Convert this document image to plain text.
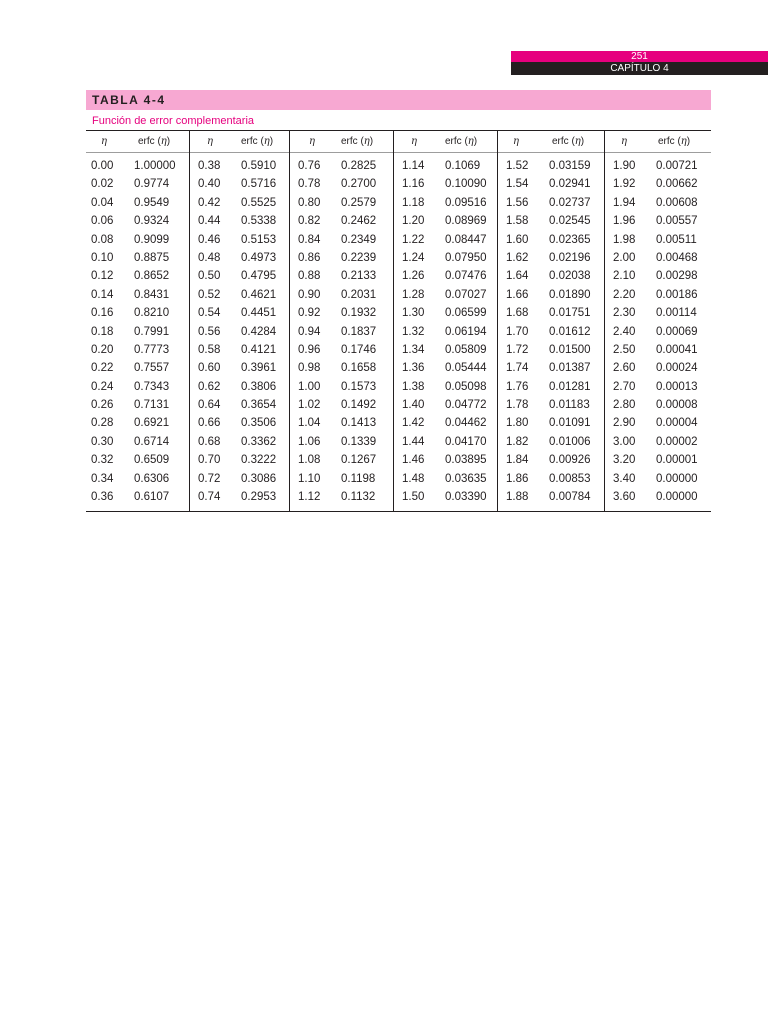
251
CAPÍTULO 4
TABLA 4-4
Función de error complementaria
η	erfc (η)
0.00 1.00000
0.02 0.9774
0.04 0.9549
0.06 0.9324
0.08 0.9099
0.10 0.8875
0.12 0.8652
0.14 0.8431
0.16 0.8210
0.18 0.7991
0.20 0.7773
0.22 0.7557
0.24 0.7343
0.26 0.7131
0.28 0.6921
0.30 0.6714
0.32 0.6509
0.34 0.6306
0.36 0.6107
η	erfc (η)
0.38 0.5910
0.40 0.5716
0.42 0.5525
0.44 0.5338
0.46 0.5153
0.48 0.4973
0.50 0.4795
0.52 0.4621
0.54 0.4451
0.56 0.4284
0.58 0.4121
0.60 0.3961
0.62 0.3806
0.64 0.3654
0.66 0.3506
0.68 0.3362
0.70 0.3222
0.72 0.3086
0.74 0.2953
η	erfc (η)
0.76 0.2825
0.78 0.2700
0.80 0.2579
0.82 0.2462
0.84 0.2349
0.86 0.2239
0.88 0.2133
0.90 0.2031
0.92 0.1932
0.94 0.1837
0.96 0.1746
0.98 0.1658
1.00 0.1573
1.02 0.1492
1.04 0.1413
1.06 0.1339
1.08 0.1267
1.10 0.1198
1.12 0.1132
η	erfc (η)
1.14 0.1069
1.16 0.10090
1.18 0.09516
1.20 0.08969
1.22 0.08447
1.24 0.07950
1.26 0.07476
1.28 0.07027
1.30 0.06599
1.32 0.06194
1.34 0.05809
1.36 0.05444
1.38 0.05098
1.40 0.04772
1.42 0.04462
1.44 0.04170
1.46 0.03895
1.48 0.03635
1.50 0.03390
η	erfc (η)
1.52 0.03159
1.54 0.02941
1.56 0.02737
1.58 0.02545
1.60 0.02365
1.62 0.02196
1.64 0.02038
1.66 0.01890
1.68 0.01751
1.70 0.01612
1.72 0.01500
1.74 0.01387
1.76 0.01281
1.78 0.01183
1.80 0.01091
1.82 0.01006
1.84 0.00926
1.86 0.00853
1.88 0.00784
η	erfc (η)
1.90 0.00721
1.92 0.00662
1.94 0.00608
1.96 0.00557
1.98 0.00511
2.00 0.00468
2.10 0.00298
2.20 0.00186
2.30 0.00114
2.40 0.00069
2.50 0.00041
2.60 0.00024
2.70 0.00013
2.80 0.00008
2.90 0.00004
3.00 0.00002
3.20 0.00001
3.40 0.00000
3.60 0.00000
